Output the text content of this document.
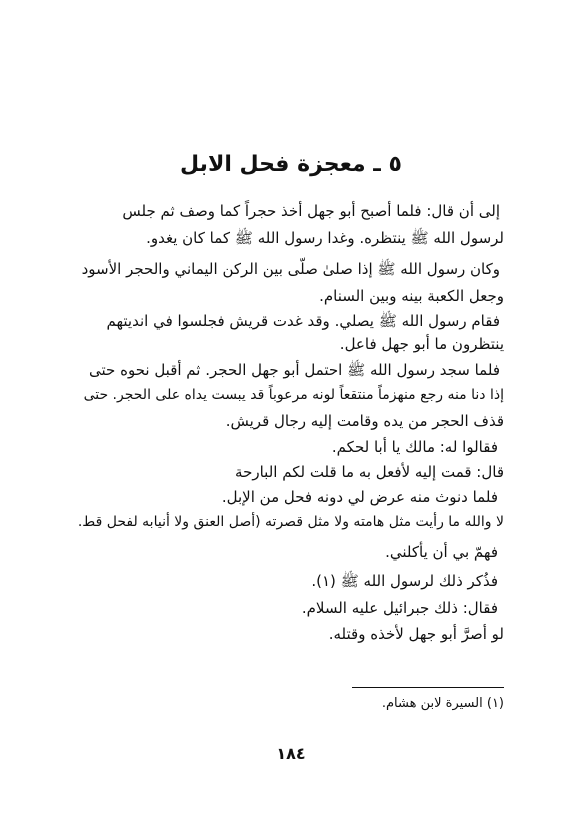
٥ ـ معجزة فحل الابل
إلى أن قال: فلما أصبح أبو جهل أخذ حجراً كما وصف ثم جلس
لرسول الله ﷺ ينتظره. وغدا رسول الله ﷺ كما كان يغدو.
وكان رسول الله ﷺ إذا صلىٰ صلّى بين الركن اليماني والحجر الأسود
وجعل الكعبة بينه وبين السنام.
فقام رسول الله ﷺ يصلي. وقد غدت قريش فجلسوا في انديتهم
ينتظرون ما أبو جهل فاعل.
فلما سجد رسول الله ﷺ احتمل أبو جهل الحجر. ثم أقبل نحوه حتى
إذا دنا منه رجع منهزماً منتقعاً لونه مرعوباً قد يبست يداه على الحجر. حتى
قذف الحجر من يده وقامت إليه رجال قريش.
فقالوا له: مالك يا أبا لحكم.
قال: قمت إليه لأفعل به ما قلت لكم البارحة
فلما دنوث منه عرض لي دونه فحل من الإبل.
لا والله ما رأيت مثل هامته ولا مثل قصرته (أصل العنق ولا أنيابه لفحل قط.
فهمّ بي أن يأكلني.
فذُكر ذلك لرسول الله ﷺ (١).
فقال: ذلك جبرائيل عليه السلام.
لو أصرَّ أبو جهل لأخذه وقتله.
(١) السيرة لابن هشام.
١٨٤
